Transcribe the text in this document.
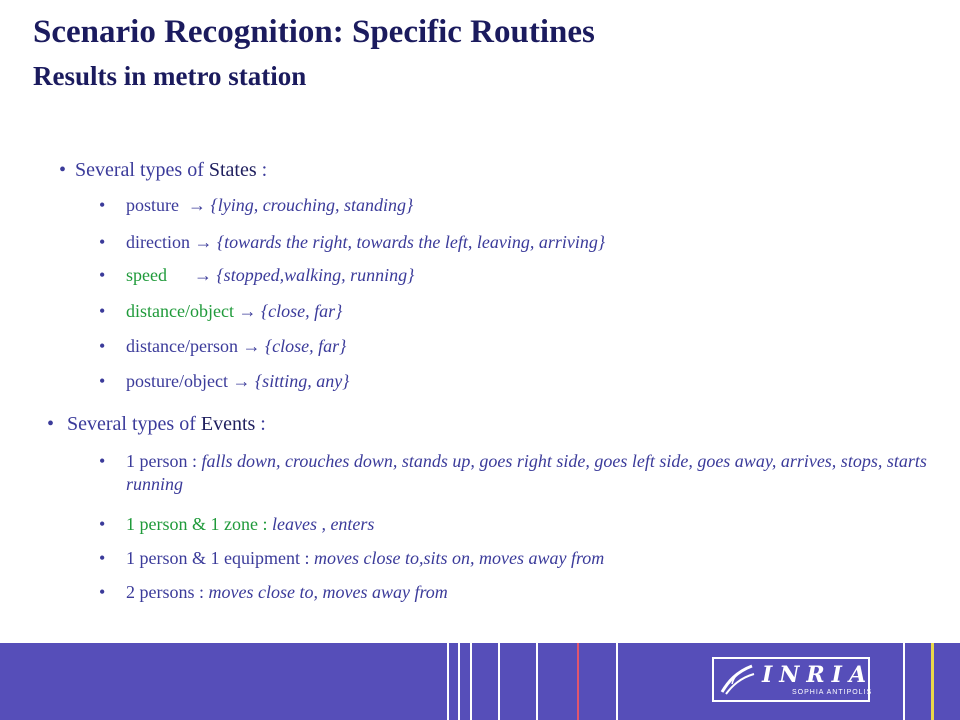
Scenario Recognition: Specific Routines
Results in metro station
• Several types of States :
• posture → {lying, crouching, standing}
• direction → {towards the right, towards the left, leaving, arriving}
• speed → {stopped,walking, running}
• distance/object → {close, far}
• distance/person → {close, far}
• posture/object → {sitting, any}
• Several types of Events :
• 1 person : falls down, crouches down, stands up, goes right side, goes left side, goes away, arrives, stops, starts running
• 1 person & 1 zone : leaves , enters
• 1 person & 1 equipment : moves close to,sits on, moves away from
• 2 persons : moves close to, moves away from
INRIA
SOPHIA ANTIPOLIS
